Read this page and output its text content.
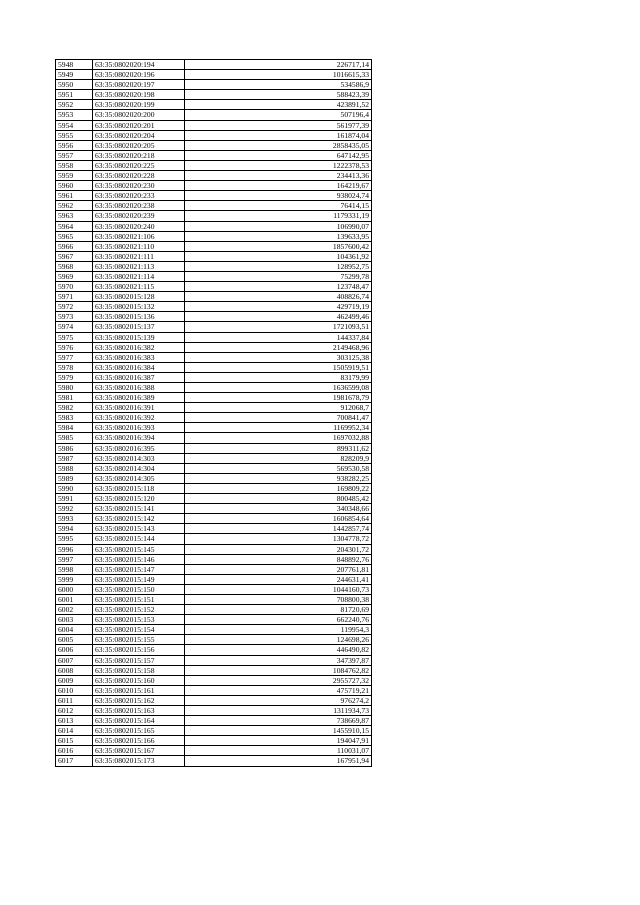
5948	63:35:0802020:194	226717,14
5949	63:35:0802020:196	1016615,33
5950	63:35:0802020:197	534586,9
5951	63:35:0802020:198	588423,39
5952	63:35:0802020:199	423891,52
5953	63:35:0802020:200	507196,4
5954	63:35:0802020:201	561977,39
5955	63:35:0802020:204	161874,04
5956	63:35:0802020:205	2858435,05
5957	63:35:0802020:218	647142,95
5958	63:35:0802020:225	1222378,53
5959	63:35:0802020:228	234413,36
5960	63:35:0802020:230	164219,67
5961	63:35:0802020:233	938024,74
5962	63:35:0802020:238	76414,15
5963	63:35:0802020:239	1179331,19
5964	63:35:0802020:240	106990,07
5965	63:35:0802021:106	139633,95
5966	63:35:0802021:110	1857600,42
5967	63:35:0802021:111	104361,92
5968	63:35:0802021:113	128952,75
5969	63:35:0802021:114	75299,78
5970	63:35:0802021:115	123748,47
5971	63:35:0802015:128	408826,74
5972	63:35:0802015:132	429719,19
5973	63:35:0802015:136	462499,46
5974	63:35:0802015:137	1721093,51
5975	63:35:0802015:139	144337,84
5976	63:35:0802016:382	2149468,96
5977	63:35:0802016:383	303125,38
5978	63:35:0802016:384	1505919,51
5979	63:35:0802016:387	83179,99
5980	63:35:0802016:388	1636599,08
5981	63:35:0802016:389	1981678,79
5982	63:35:0802016:391	912068,7
5983	63:35:0802016:392	700841,47
5984	63:35:0802016:393	1169952,34
5985	63:35:0802016:394	1697032,88
5986	63:35:0802016:395	899311,62
5987	63:35:0802014:303	828209,9
5988	63:35:0802014:304	569530,58
5989	63:35:0802014:305	938282,25
5990	63:35:0802015:118	169809,22
5991	63:35:0802015:120	800485,42
5992	63:35:0802015:141	340348,66
5993	63:35:0802015:142	1606854,64
5994	63:35:0802015:143	1442857,74
5995	63:35:0802015:144	1304778,72
5996	63:35:0802015:145	204301,72
5997	63:35:0802015:146	848892,76
5998	63:35:0802015:147	207761,81
5999	63:35:0802015:149	244631,41
6000	63:35:0802015:150	1044160,73
6001	63:35:0802015:151	708800,38
6002	63:35:0802015:152	81720,69
6003	63:35:0802015:153	662240,76
6004	63:35:0802015:154	119954,3
6005	63:35:0802015:155	124698,26
6006	63:35:0802015:156	446490,82
6007	63:35:0802015:157	347397,87
6008	63:35:0802015:158	1084762,82
6009	63:35:0802015:160	2955727,32
6010	63:35:0802015:161	475719,21
6011	63:35:0802015:162	976274,2
6012	63:35:0802015:163	1311934,73
6013	63:35:0802015:164	738669,87
6014	63:35:0802015:165	1455910,15
6015	63:35:0802015:166	194047,91
6016	63:35:0802015:167	110031,07
6017	63:35:0802015:173	167951,94
